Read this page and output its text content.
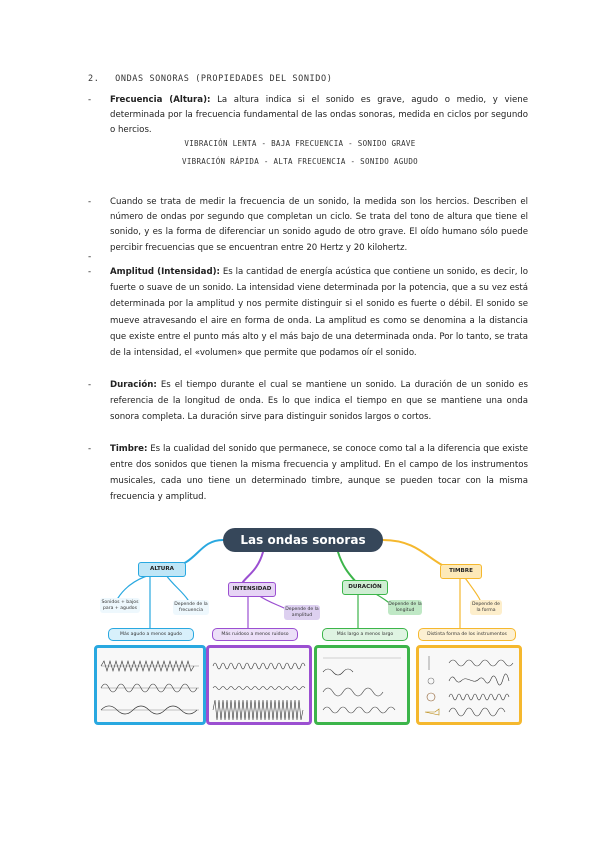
2. ONDAS SONORAS (PROPIEDADES DEL SONIDO)
- Frecuencia (Altura): La altura indica si el sonido es grave, agudo o medio, y viene determinada por la frecuencia fundamental de las ondas sonoras, medida en ciclos por segundo o hercios.
VIBRACIÓN LENTA - BAJA FRECUENCIA - SONIDO GRAVE
VIBRACIÓN RÁPIDA - ALTA FRECUENCIA - SONIDO AGUDO
- Cuando se trata de medir la frecuencia de un sonido, la medida son los hercios. Describen el número de ondas por segundo que completan un ciclo. Se trata del tono de altura que tiene el sonido, y es la forma de diferenciar un sonido agudo de otro grave. El oído humano sólo puede percibir frecuencias que se encuentran entre 20 Hertz y 20 kilohertz.
-
- Amplitud (Intensidad): Es la cantidad de energía acústica que contiene un sonido, es decir, lo fuerte o suave de un sonido. La intensidad viene determinada por la potencia, que a su vez está determinada por la amplitud y nos permite distinguir si el sonido es fuerte o débil. El sonido se mueve atravesando el aire en forma de onda. La amplitud es como se denomina a la distancia que existe entre el punto más alto y el más bajo de una determinada onda. Por lo tanto, se trata de la intensidad, el «volumen» que permite que podamos oír el sonido.
- Duración: Es el tiempo durante el cual se mantiene un sonido. La duración de un sonido es referencia de la longitud de onda. Es lo que indica el tiempo en que se mantiene una onda sonora completa. La duración sirve para distinguir sonidos largos o cortos.
- Timbre: Es la cualidad del sonido que permanece, se conoce como tal a la diferencia que existe entre dos sonidos que tienen la misma frecuencia y amplitud. En el campo de los instrumentos musicales, cada uno tiene un determinado timbre, aunque se pueden tocar con la misma frecuencia y amplitud.
Las ondas sonoras
ALTURA
Sonidos + bajos para + agudos
Depende de la frecuencia
Más agudo a menos agudo
INTENSIDAD
Depende de la amplitud
Más ruidoso a menos ruidoso
DURACIÓN
Depende de la longitud
Más largo a menos largo
TIMBRE
Depende de la forma
Distinta forma de los instrumentos
